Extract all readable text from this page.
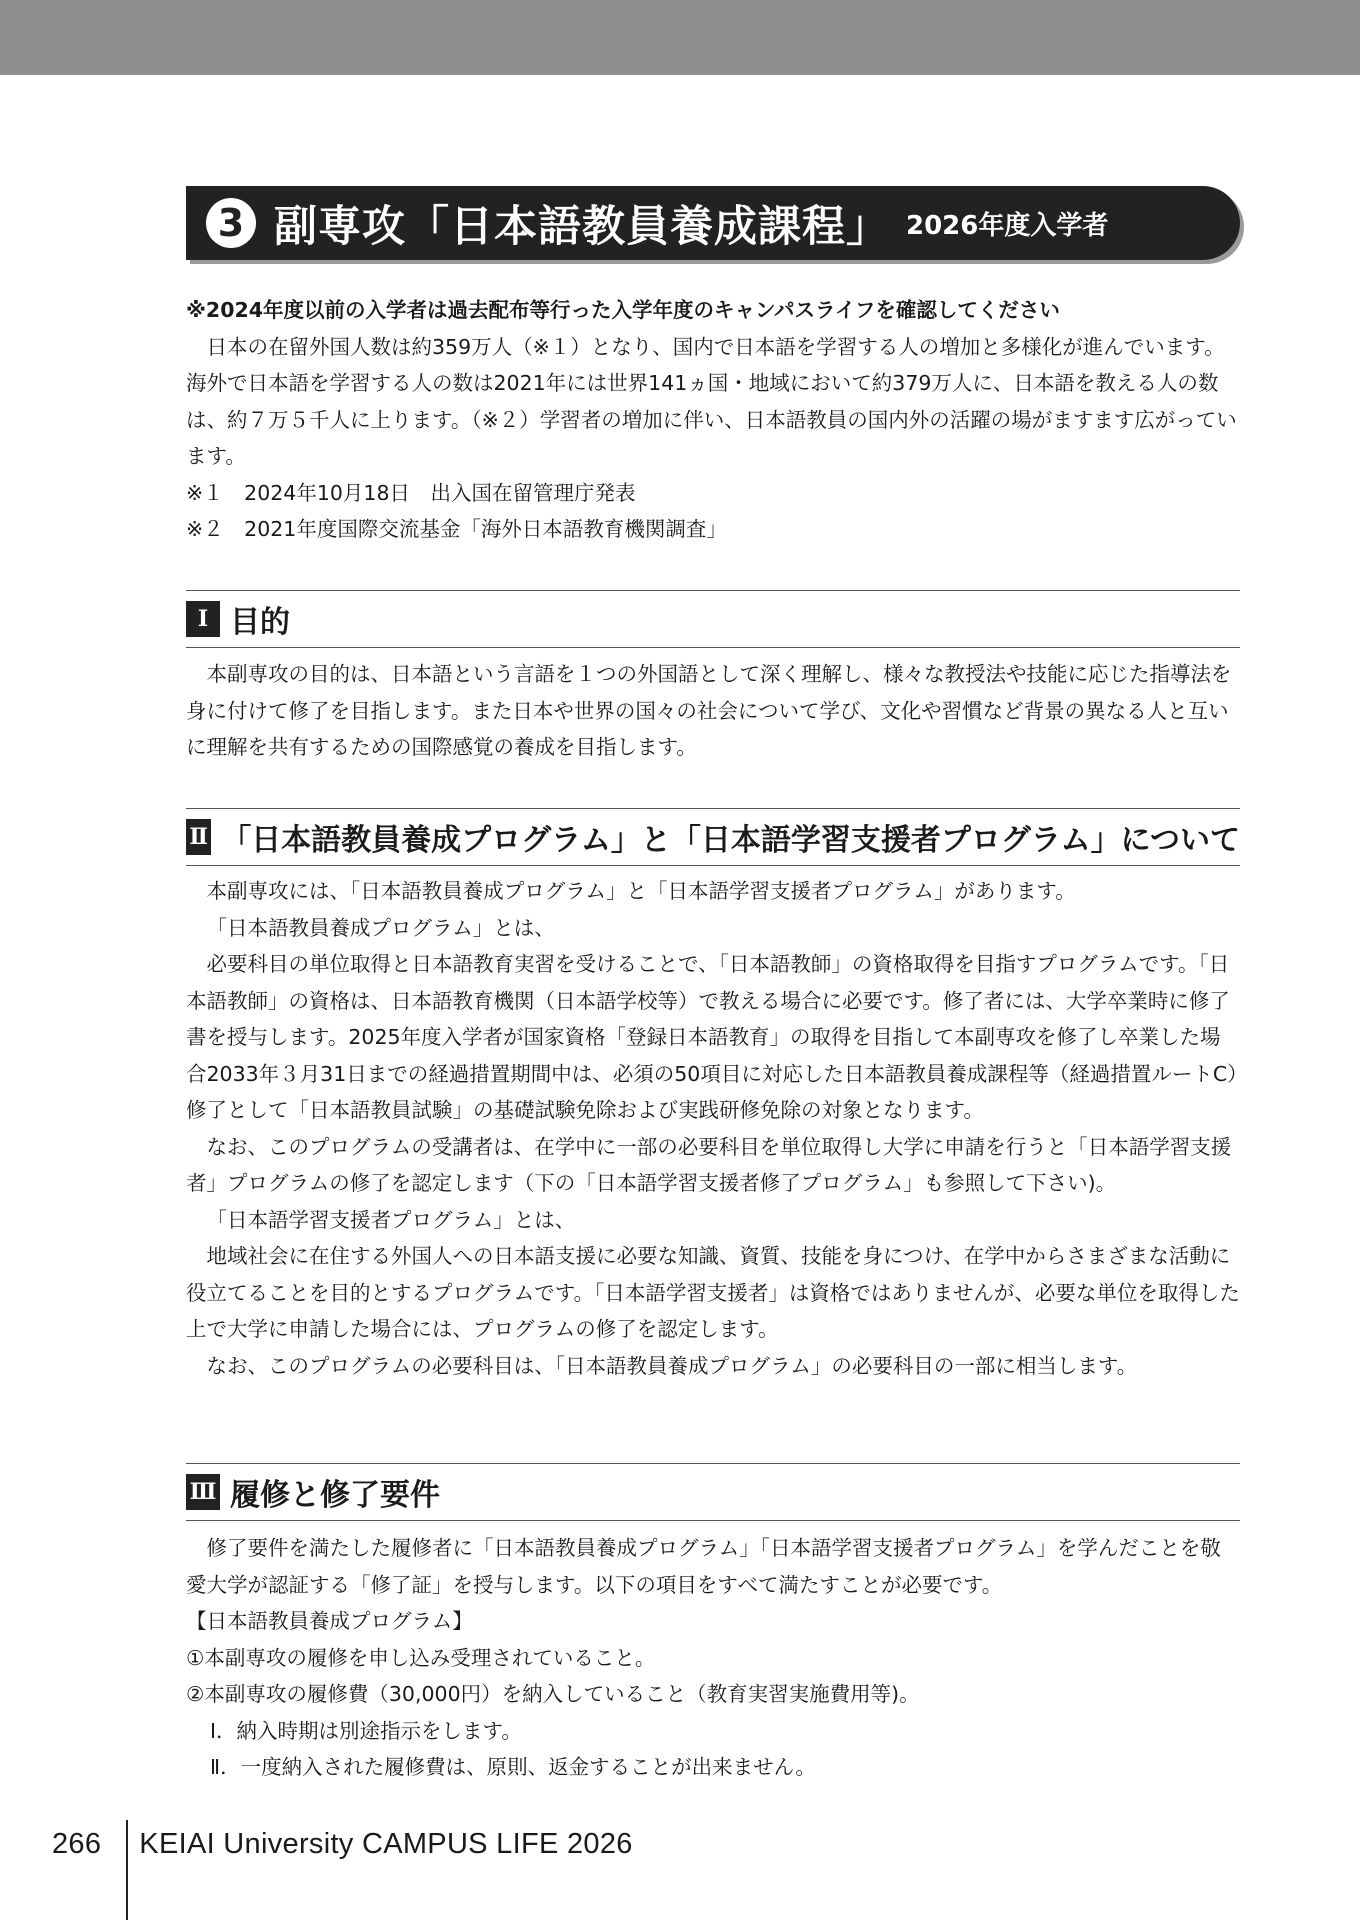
3 副専攻「日本語教員養成課程」 2026年度入学者

※2024年度以前の入学者は過去配布等行った入学年度のキャンパスライフを確認してください

日本の在留外国人数は約359万人（※１）となり、国内で日本語を学習する人の増加と多様化が進んでいます。海外で日本語を学習する人の数は2021年には世界141ヵ国・地域において約379万人に、日本語を教える人の数は、約７万５千人に上ります。（※２）学習者の増加に伴い、日本語教員の国内外の活躍の場がますます広がっています。

※１　2024年10月18日　出入国在留管理庁発表

※２　2021年度国際交流基金「海外日本語教育機関調査」

Ⅰ 目的

本副専攻の目的は、日本語という言語を１つの外国語として深く理解し、様々な教授法や技能に応じた指導法を身に付けて修了を目指します。また日本や世界の国々の社会について学び、文化や習慣など背景の異なる人と互いに理解を共有するための国際感覚の養成を目指します。

Ⅱ 「日本語教員養成プログラム」と「日本語学習支援者プログラム」について

本副専攻には、「日本語教員養成プログラム」と「日本語学習支援者プログラム」があります。

「日本語教員養成プログラム」とは、

必要科目の単位取得と日本語教育実習を受けることで、「日本語教師」の資格取得を目指すプログラムです。「日本語教師」の資格は、日本語教育機関（日本語学校等）で教える場合に必要です。修了者には、大学卒業時に修了書を授与します。2025年度入学者が国家資格「登録日本語教育」の取得を目指して本副専攻を修了し卒業した場合2033年３月31日までの経過措置期間中は、必須の50項目に対応した日本語教員養成課程等（経過措置ルートC）修了として「日本語教員試験」の基礎試験免除および実践研修免除の対象となります。

なお、このプログラムの受講者は、在学中に一部の必要科目を単位取得し大学に申請を行うと「日本語学習支援者」プログラムの修了を認定します（下の「日本語学習支援者修了プログラム」も参照して下さい)。

「日本語学習支援者プログラム」とは、

地域社会に在住する外国人への日本語支援に必要な知識、資質、技能を身につけ、在学中からさまざまな活動に役立てることを目的とするプログラムです。「日本語学習支援者」は資格ではありませんが、必要な単位を取得した上で大学に申請した場合には、プログラムの修了を認定します。

なお、このプログラムの必要科目は、「日本語教員養成プログラム」の必要科目の一部に相当します。

Ⅲ 履修と修了要件

修了要件を満たした履修者に「日本語教員養成プログラム」「日本語学習支援者プログラム」を学んだことを敬愛大学が認証する「修了証」を授与します。以下の項目をすべて満たすことが必要です。

【日本語教員養成プログラム】

①本副専攻の履修を申し込み受理されていること。

②本副専攻の履修費（30,000円）を納入していること（教育実習実施費用等)。

Ⅰ．納入時期は別途指示をします。

Ⅱ．一度納入された履修費は、原則、返金することが出来ません。

266 KEIAI University CAMPUS LIFE 2026
